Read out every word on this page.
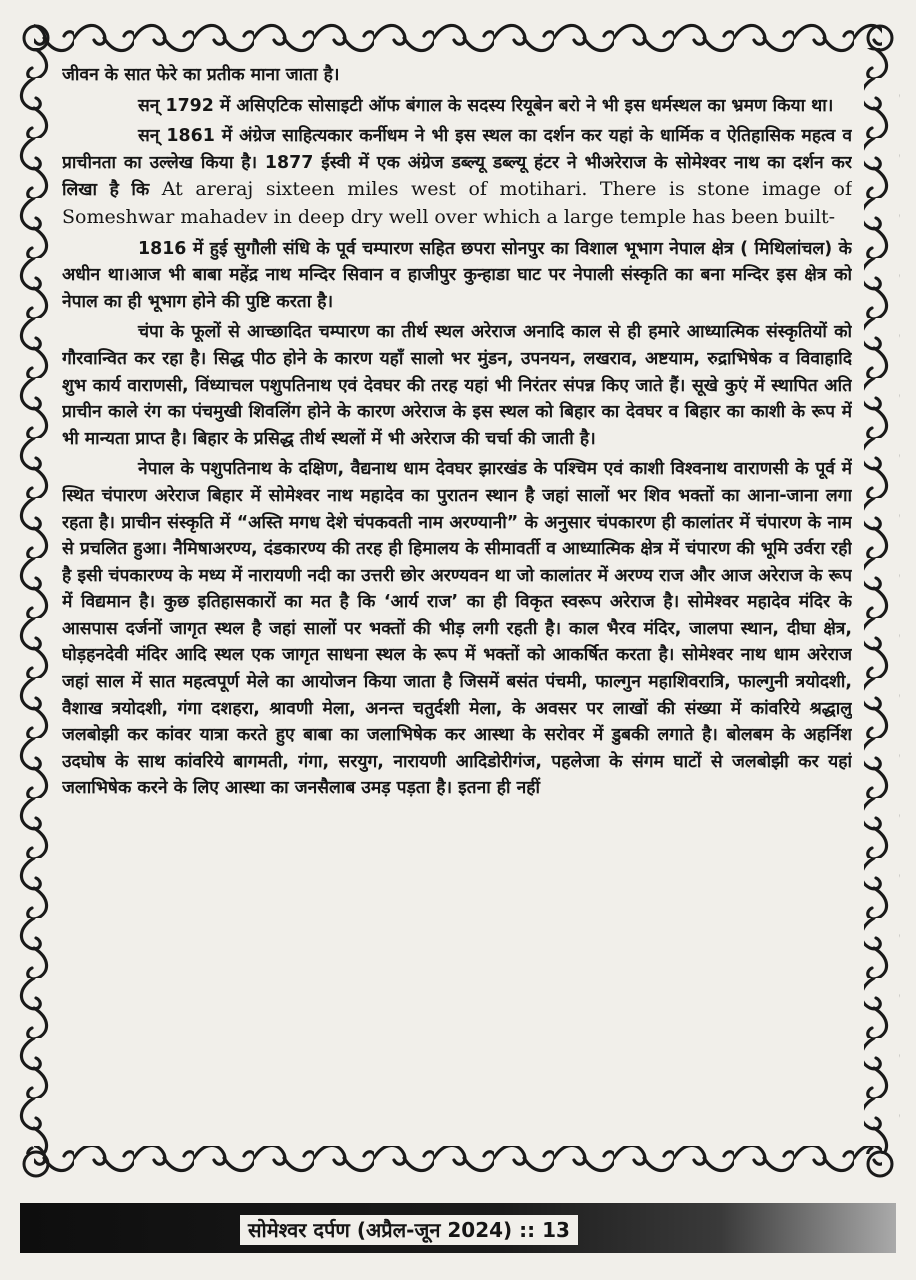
जीवन के सात फेरे का प्रतीक माना जाता है।

सन् 1792 में असिएटिक सोसाइटी ऑफ बंगाल के सदस्य रियूबेन बरो ने भी इस धर्मस्थल का भ्रमण किया था।

सन् 1861 में अंग्रेज साहित्यकार कर्नीधम ने भी इस स्थल का दर्शन कर यहां के धार्मिक व ऐतिहासिक महत्व व प्राचीनता का उल्लेख किया है। 1877 ईस्वी में एक अंग्रेज डब्ल्यू डब्ल्यू हंटर ने भीअरेराज के सोमेश्वर नाथ का दर्शन कर लिखा है कि At areraj sixteen miles west of motihari. There is stone image of Someshwar mahadev in deep dry well over which a large temple has been built-

1816 में हुई सुगौली संधि के पूर्व चम्पारण सहित छपरा सोनपुर का विशाल भूभाग नेपाल क्षेत्र ( मिथिलांचल) के अधीन था।आज भी बाबा महेंद्र नाथ मन्दिर सिवान व हाजीपुर कुन्हाडा घाट पर नेपाली संस्कृति का बना मन्दिर इस क्षेत्र को नेपाल का ही भूभाग होने की पुष्टि करता है।

चंपा के फूलों से आच्छादित चम्पारण का तीर्थ स्थल अरेराज अनादि काल से ही हमारे आध्यात्मिक संस्कृतियों को गौरवान्वित कर रहा है। सिद्ध पीठ होने के कारण यहाँ सालो भर मुंडन, उपनयन, लखराव, अष्टयाम, रुद्राभिषेक व विवाहादि शुभ कार्य वाराणसी, विंध्याचल पशुपतिनाथ एवं देवघर की तरह यहां भी निरंतर संपन्न किए जाते हैं। सूखे कुएं में स्थापित अति प्राचीन काले रंग का पंचमुखी शिवलिंग होने के कारण अरेराज के इस स्थल को बिहार का देवघर व बिहार का काशी के रूप में भी मान्यता प्राप्त है। बिहार के प्रसिद्ध तीर्थ स्थलों में भी अरेराज की चर्चा की जाती है।

नेपाल के पशुपतिनाथ के दक्षिण, वैद्यनाथ धाम देवघर झारखंड के पश्चिम एवं काशी विश्वनाथ वाराणसी के पूर्व में स्थित चंपारण अरेराज बिहार में सोमेश्वर नाथ महादेव का पुरातन स्थान है जहां सालों भर शिव भक्तों का आना-जाना लगा रहता है। प्राचीन संस्कृति में “अस्ति मगध देशे चंपकवती नाम अरण्यानी” के अनुसार चंपकारण ही कालांतर में चंपारण के नाम से प्रचलित हुआ। नैमिषाअरण्य, दंडकारण्य की तरह ही हिमालय के सीमावर्ती व आध्यात्मिक क्षेत्र में चंपारण की भूमि उर्वरा रही है इसी चंपकारण्य के मध्य में नारायणी नदी का उत्तरी छोर अरण्यवन था जो कालांतर में अरण्य राज और आज अरेराज के रूप में विद्यमान है। कुछ इतिहासकारों का मत है कि ‘आर्य राज’ का ही विकृत स्वरूप अरेराज है। सोमेश्वर महादेव मंदिर के आसपास दर्जनों जागृत स्थल है जहां सालों पर भक्तों की भीड़ लगी रहती है। काल भैरव मंदिर, जालपा स्थान, दीघा क्षेत्र, घोड़हनदेवी मंदिर आदि स्थल एक जागृत साधना स्थल के रूप में भक्तों को आकर्षित करता है। सोमेश्वर नाथ धाम अरेराज जहां साल में सात महत्वपूर्ण मेले का आयोजन किया जाता है जिसमें बसंत पंचमी, फाल्गुन महाशिवरात्रि, फाल्गुनी त्रयोदशी, वैशाख त्रयोदशी, गंगा दशहरा, श्रावणी मेला, अनन्त चतुर्दशी मेला, के अवसर पर लाखों की संख्या में कांवरिये श्रद्धालु जलबोझी कर कांवर यात्रा करते हुए बाबा का जलाभिषेक कर आस्था के सरोवर में डुबकी लगाते है। बोलबम के अहर्निश उदघोष के साथ कांवरिये बागमती, गंगा, सरयुग, नारायणी आदिडोरीगंज, पहलेजा के संगम घाटों से जलबोझी कर यहां जलाभिषेक करने के लिए आस्था का जनसैलाब उमड़ पड़ता है। इतना ही नहीं

सोमेश्वर दर्पण (अप्रैल-जून 2024) :: 13
